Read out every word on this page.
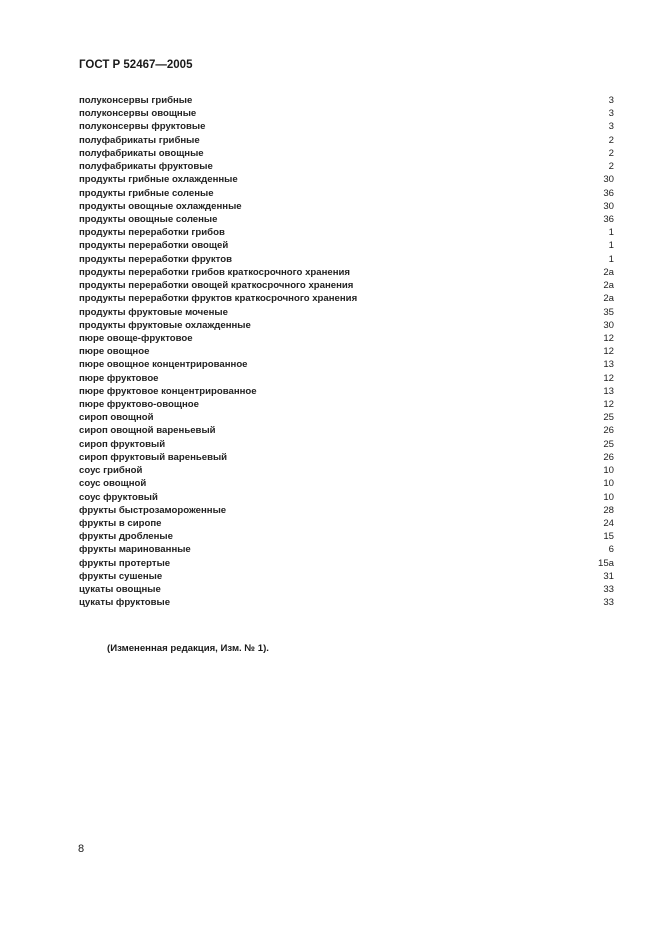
ГОСТ Р 52467—2005
полуконсервы грибные	3
полуконсервы овощные	3
полуконсервы фруктовые	3
полуфабрикаты грибные	2
полуфабрикаты овощные	2
полуфабрикаты фруктовые	2
продукты грибные охлажденные	30
продукты грибные соленые	36
продукты овощные охлажденные	30
продукты овощные соленые	36
продукты переработки грибов	1
продукты переработки овощей	1
продукты переработки фруктов	1
продукты переработки грибов краткосрочного хранения	2а
продукты переработки овощей краткосрочного хранения	2а
продукты переработки фруктов краткосрочного хранения	2а
продукты фруктовые моченые	35
продукты фруктовые охлажденные	30
пюре овоще-фруктовое	12
пюре овощное	12
пюре овощное концентрированное	13
пюре фруктовое	12
пюре фруктовое концентрированное	13
пюре фруктово-овощное	12
сироп овощной	25
сироп овощной вареньевый	26
сироп фруктовый	25
сироп фруктовый вареньевый	26
соус грибной	10
соус овощной	10
соус фруктовый	10
фрукты быстрозамороженные	28
фрукты в сиропе	24
фрукты дробленые	15
фрукты маринованные	6
фрукты протертые	15а
фрукты сушеные	31
цукаты овощные	33
цукаты фруктовые	33
(Измененная редакция, Изм. № 1).
8
